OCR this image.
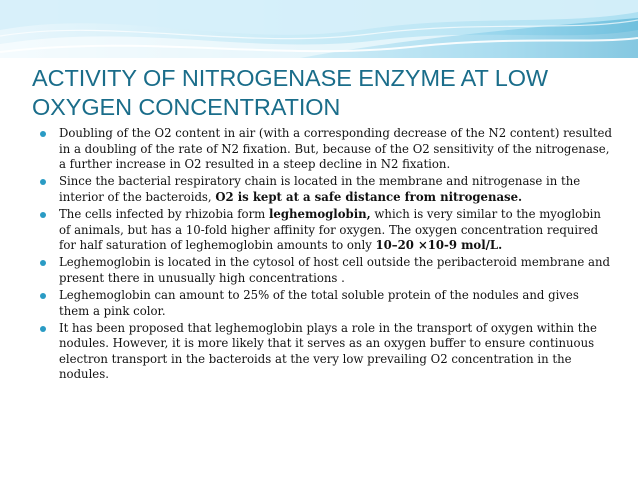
ACTIVITY OF NITROGENASE ENZYME AT LOW
OXYGEN CONCENTRATION
Doubling of the O2 content in air (with a corresponding decrease of the N2 content) resulted in a doubling of the rate of N2 fixation. But, because of the O2 sensitivity of the nitrogenase, a further increase in O2 resulted in a steep decline in N2 fixation.
Since the bacterial respiratory chain is located in the membrane and nitrogenase in the interior of the bacteroids, O2 is kept at a safe distance from nitrogenase.
The cells infected by rhizobia form leghemoglobin, which is very similar to the myoglobin of animals, but has a 10-fold higher affinity for oxygen. The oxygen concentration required for half saturation of leghemoglobin amounts to only 10–20 ×10-9 mol/L.
Leghemoglobin is located in the cytosol of host cell outside the peribacteroid membrane and present there in unusually high concentrations .
Leghemoglobin can amount to 25% of the total soluble protein of the nodules and gives them a pink color.
It has been proposed that leghemoglobin plays a role in the transport of oxygen within the nodules. However, it is more likely that it serves as an oxygen buffer to ensure continuous electron transport in the bacteroids at the very low prevailing O2 concentration in the nodules.
